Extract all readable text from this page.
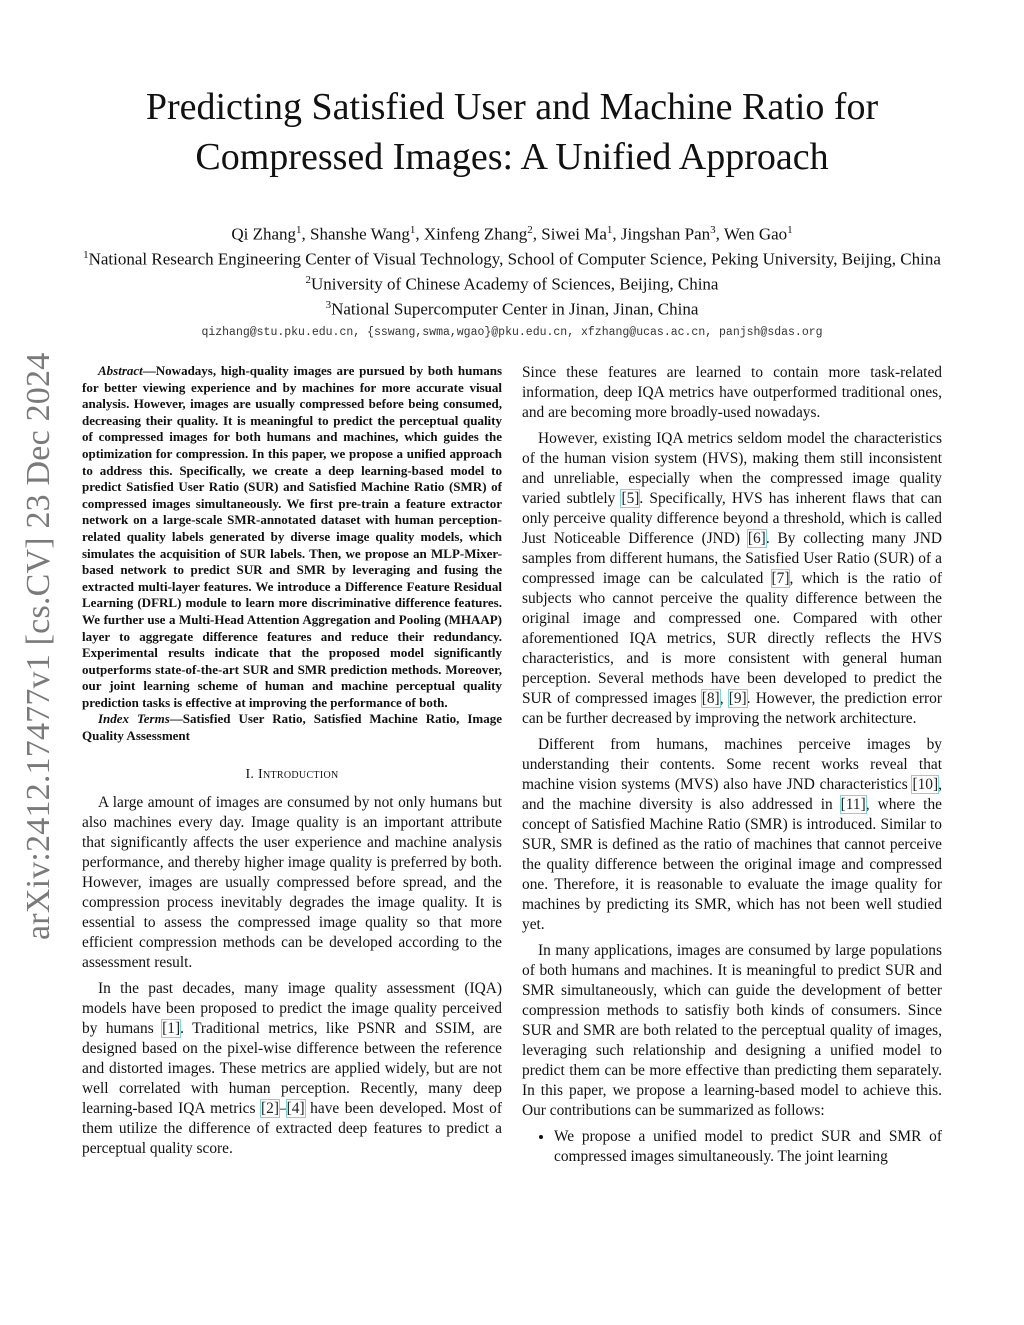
arXiv:2412.17477v1 [cs.CV] 23 Dec 2024
Predicting Satisfied User and Machine Ratio for
Compressed Images: A Unified Approach
Qi Zhang$^1$, Shanshe Wang$^1$, Xinfeng Zhang$^2$, Siwei Ma$^1$, Jingshan Pan$^3$, Wen Gao$^1$
$^1$National Research Engineering Center of Visual Technology, School of Computer Science, Peking University, Beijing, China
$^2$University of Chinese Academy of Sciences, Beijing, China
$^3$National Supercomputer Center in Jinan, Jinan, China
qizhang@stu.pku.edu.cn, {sswang,swma,wgao}@pku.edu.cn, xfzhang@ucas.ac.cn, panjsh@sdas.org

Abstract—Nowadays, high-quality images are pursued by both humans for better viewing experience and by machines for more accurate visual analysis. However, images are usually compressed before being consumed, decreasing their quality. It is meaningful to predict the perceptual quality of compressed images for both humans and machines, which guides the optimization for compression. In this paper, we propose a unified approach to address this. Specifically, we create a deep learning-based model to predict Satisfied User Ratio (SUR) and Satisfied Machine Ratio (SMR) of compressed images simultaneously. We first pre-train a feature extractor network on a large-scale SMR-annotated dataset with human perception-related quality labels generated by diverse image quality models, which simulates the acquisition of SUR labels. Then, we propose an MLP-Mixer-based network to predict SUR and SMR by leveraging and fusing the extracted multi-layer features. We introduce a Difference Feature Residual Learning (DFRL) module to learn more discriminative difference features. We further use a Multi-Head Attention Aggregation and Pooling (MHAAP) layer to aggregate difference features and reduce their redundancy. Experimental results indicate that the proposed model significantly outperforms state-of-the-art SUR and SMR prediction methods. Moreover, our joint learning scheme of human and machine perceptual quality prediction tasks is effective at improving the performance of both.

Index Terms—Satisfied User Ratio, Satisfied Machine Ratio, Image Quality Assessment

I. Introduction

A large amount of images are consumed by not only humans but also machines every day. Image quality is an important attribute that significantly affects the user experience and machine analysis performance, and thereby higher image quality is preferred by both. However, images are usually compressed before spread, and the compression process inevitably degrades the image quality. It is essential to assess the compressed image quality so that more efficient compression methods can be developed according to the assessment result.

In the past decades, many image quality assessment (IQA) models have been proposed to predict the image quality perceived by humans [1]. Traditional metrics, like PSNR and SSIM, are designed based on the pixel-wise difference between the reference and distorted images. These metrics are applied widely, but are not well correlated with human perception. Recently, many deep learning-based IQA metrics [2]–[4] have been developed. Most of them utilize the difference of extracted deep features to predict a perceptual quality score.

Since these features are learned to contain more task-related information, deep IQA metrics have outperformed traditional ones, and are becoming more broadly-used nowadays.

However, existing IQA metrics seldom model the characteristics of the human vision system (HVS), making them still inconsistent and unreliable, especially when the compressed image quality varied subtlely [5]. Specifically, HVS has inherent flaws that can only perceive quality difference beyond a threshold, which is called Just Noticeable Difference (JND) [6]. By collecting many JND samples from different humans, the Satisfied User Ratio (SUR) of a compressed image can be calculated [7], which is the ratio of subjects who cannot perceive the quality difference between the original image and compressed one. Compared with other aforementioned IQA metrics, SUR directly reflects the HVS characteristics, and is more consistent with general human perception. Several methods have been developed to predict the SUR of compressed images [8], [9]. However, the prediction error can be further decreased by improving the network architecture.

Different from humans, machines perceive images by understanding their contents. Some recent works reveal that machine vision systems (MVS) also have JND characteristics [10], and the machine diversity is also addressed in [11], where the concept of Satisfied Machine Ratio (SMR) is introduced. Similar to SUR, SMR is defined as the ratio of machines that cannot perceive the quality difference between the original image and compressed one. Therefore, it is reasonable to evaluate the image quality for machines by predicting its SMR, which has not been well studied yet.

In many applications, images are consumed by large populations of both humans and machines. It is meaningful to predict SUR and SMR simultaneously, which can guide the development of better compression methods to satisfiy both kinds of consumers. Since SUR and SMR are both related to the perceptual quality of images, leveraging such relationship and designing a unified model to predict them can be more effective than predicting them separately. In this paper, we propose a learning-based model to achieve this. Our contributions can be summarized as follows:

• We propose a unified model to predict SUR and SMR of compressed images simultaneously. The joint learning
